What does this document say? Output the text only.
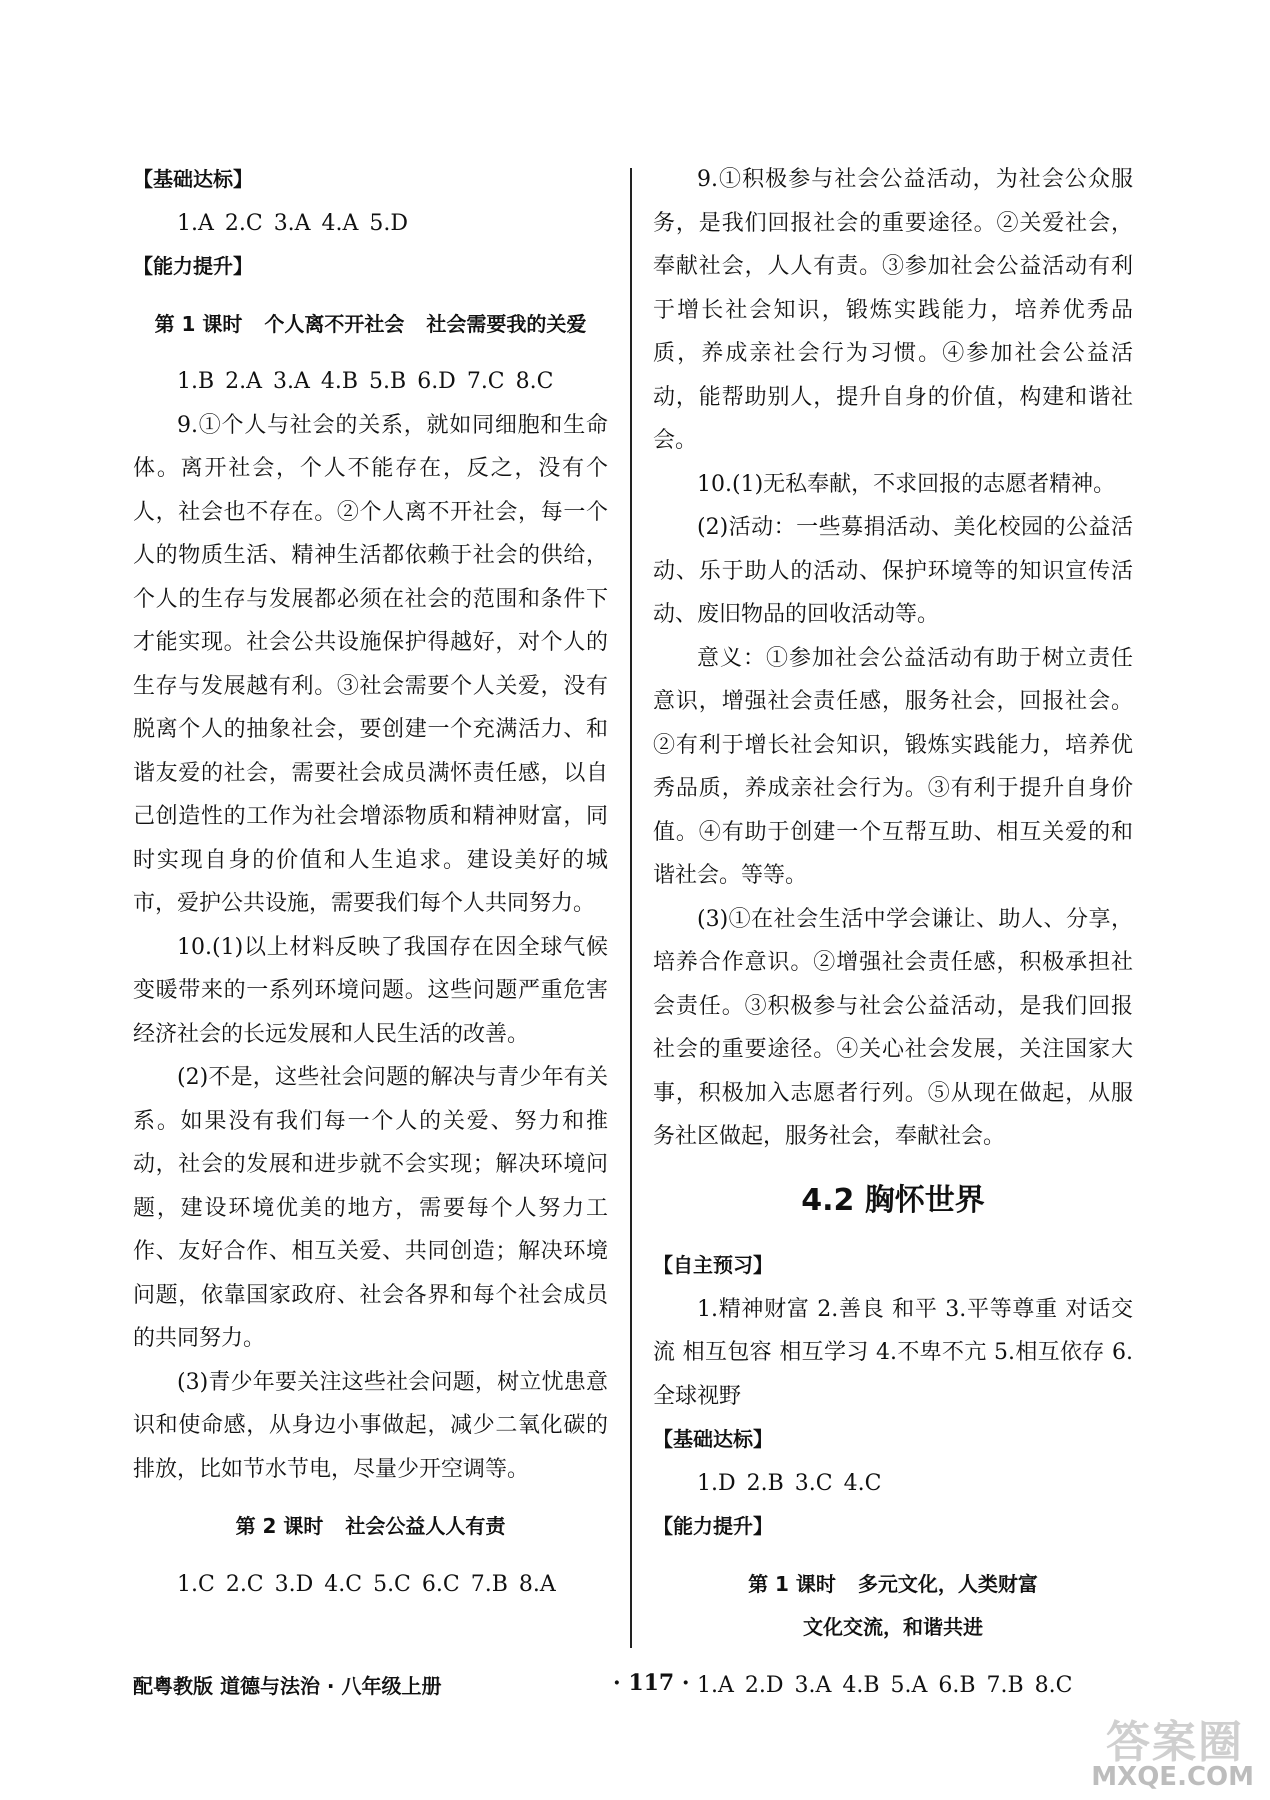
【基础达标】
1.A 2.C 3.A 4.A 5.D
【能力提升】
第 1 课时 个人离不开社会 社会需要我的关爱
1.B 2.A 3.A 4.B 5.B 6.D 7.C 8.C

9.①个人与社会的关系，就如同细胞和生命体。离开社会，个人不能存在，反之，没有个人，社会也不存在。②个人离不开社会，每一个人的物质生活、精神生活都依赖于社会的供给，个人的生存与发展都必须在社会的范围和条件下才能实现。社会公共设施保护得越好，对个人的生存与发展越有利。③社会需要个人关爱，没有脱离个人的抽象社会，要创建一个充满活力、和谐友爱的社会，需要社会成员满怀责任感，以自己创造性的工作为社会增添物质和精神财富，同时实现自身的价值和人生追求。建设美好的城市，爱护公共设施，需要我们每个人共同努力。

10.(1)以上材料反映了我国存在因全球气候变暖带来的一系列环境问题。这些问题严重危害经济社会的长远发展和人民生活的改善。

(2)不是，这些社会问题的解决与青少年有关系。如果没有我们每一个人的关爱、努力和推动，社会的发展和进步就不会实现；解决环境问题，建设环境优美的地方，需要每个人努力工作、友好合作、相互关爱、共同创造；解决环境问题，依靠国家政府、社会各界和每个社会成员的共同努力。

(3)青少年要关注这些社会问题，树立忧患意识和使命感，从身边小事做起，减少二氧化碳的排放，比如节水节电，尽量少开空调等。

第 2 课时 社会公益人人有责
1.C 2.C 3.D 4.C 5.C 6.C 7.B 8.A

9.①积极参与社会公益活动，为社会公众服务，是我们回报社会的重要途径。②关爱社会，奉献社会，人人有责。③参加社会公益活动有利于增长社会知识，锻炼实践能力，培养优秀品质，养成亲社会行为习惯。④参加社会公益活动，能帮助别人，提升自身的价值，构建和谐社会。

10.(1)无私奉献，不求回报的志愿者精神。

(2)活动：一些募捐活动、美化校园的公益活动、乐于助人的活动、保护环境等的知识宣传活动、废旧物品的回收活动等。

意义：①参加社会公益活动有助于树立责任意识，增强社会责任感，服务社会，回报社会。②有利于增长社会知识，锻炼实践能力，培养优秀品质，养成亲社会行为。③有利于提升自身价值。④有助于创建一个互帮互助、相互关爱的和谐社会。等等。

(3)①在社会生活中学会谦让、助人、分享，培养合作意识。②增强社会责任感，积极承担社会责任。③积极参与社会公益活动，是我们回报社会的重要途径。④关心社会发展，关注国家大事，积极加入志愿者行列。⑤从现在做起，从服务社区做起，服务社会，奉献社会。

4.2 胸怀世界
【自主预习】

1.精神财富 2.善良 和平 3.平等尊重 对话交流 相互包容 相互学习 4.不卑不亢 5.相互依存 6.全球视野

【基础达标】
1.D 2.B 3.C 4.C
【能力提升】
第 1 课时 多元文化，人类财富
文化交流，和谐共进
1.A 2.D 3.A 4.B 5.A 6.B 7.B 8.C
配粤教版 道德与法治 · 八年级上册	· 117 ·
答案圈
MXQE.COM
